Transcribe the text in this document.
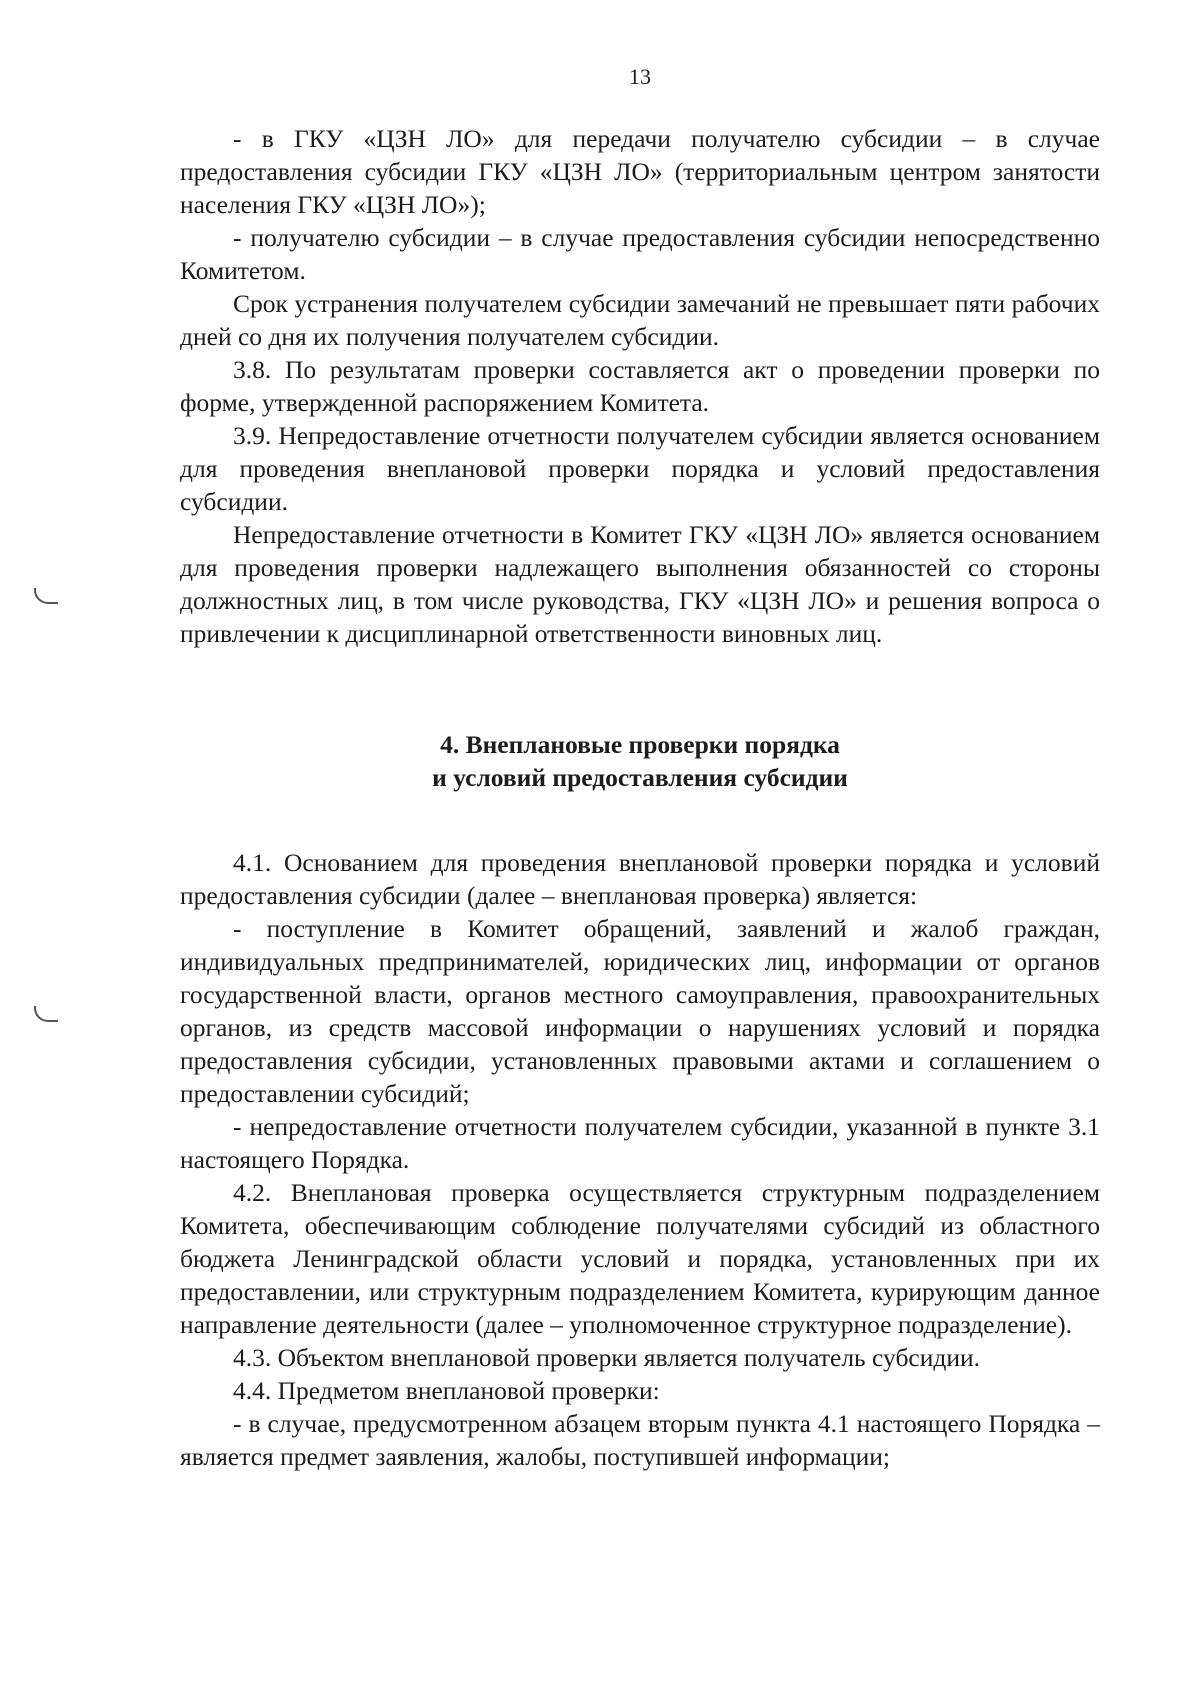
13

- в ГКУ «ЦЗН ЛО» для передачи получателю субсидии – в случае предоставления субсидии ГКУ «ЦЗН ЛО» (территориальным центром занятости населения ГКУ «ЦЗН ЛО»);

- получателю субсидии – в случае предоставления субсидии непосредственно Комитетом.

Срок устранения получателем субсидии замечаний не превышает пяти рабочих дней со дня их получения получателем субсидии.

3.8. По результатам проверки составляется акт о проведении проверки по форме, утвержденной распоряжением Комитета.

3.9. Непредоставление отчетности получателем субсидии является основанием для проведения внеплановой проверки порядка и условий предоставления субсидии.

Непредоставление отчетности в Комитет ГКУ «ЦЗН ЛО» является основанием для проведения проверки надлежащего выполнения обязанностей со стороны должностных лиц, в том числе руководства, ГКУ «ЦЗН ЛО» и решения вопроса о привлечении к дисциплинарной ответственности виновных лиц.

4. Внеплановые проверки порядка
и условий предоставления субсидии

4.1. Основанием для проведения внеплановой проверки порядка и условий предоставления субсидии (далее – внеплановая проверка) является:

- поступление в Комитет обращений, заявлений и жалоб граждан, индивидуальных предпринимателей, юридических лиц, информации от органов государственной власти, органов местного самоуправления, правоохранительных органов, из средств массовой информации о нарушениях условий и порядка предоставления субсидии, установленных правовыми актами и соглашением о предоставлении субсидий;

- непредоставление отчетности получателем субсидии, указанной в пункте 3.1 настоящего Порядка.

4.2. Внеплановая проверка осуществляется структурным подразделением Комитета, обеспечивающим соблюдение получателями субсидий из областного бюджета Ленинградской области условий и порядка, установленных при их предоставлении, или структурным подразделением Комитета, курирующим данное направление деятельности (далее – уполномоченное структурное подразделение).

4.3. Объектом внеплановой проверки является получатель субсидии.

4.4. Предметом внеплановой проверки:

- в случае, предусмотренном абзацем вторым пункта 4.1 настоящего Порядка – является предмет заявления, жалобы, поступившей информации;
